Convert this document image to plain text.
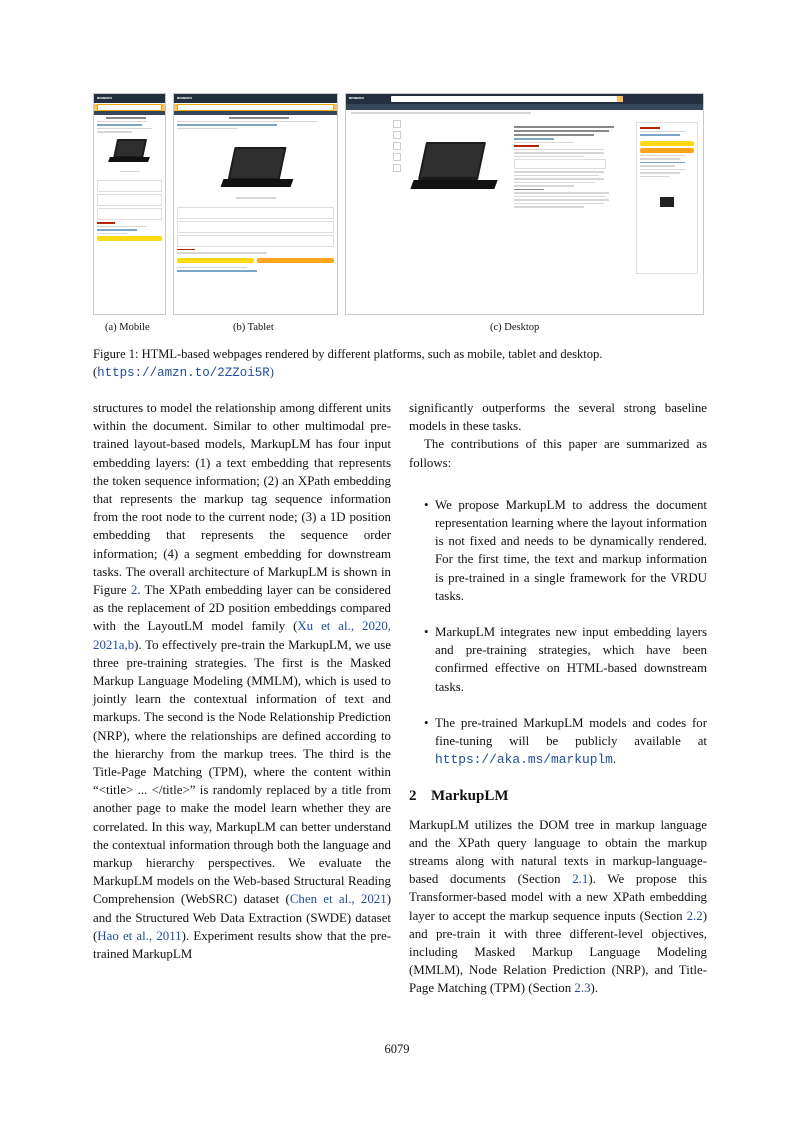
amazon	amazon	amazon
(a) Mobile	(b) Tablet	(c) Desktop
Figure 1: HTML-based webpages rendered by different platforms, such as mobile, tablet and desktop. (https://amzn.to/2ZZoi5R)

structures to model the relationship among different units within the document. Similar to other multimodal pre-trained layout-based models, MarkupLM has four input embedding layers: (1) a text embedding that represents the token sequence information; (2) an XPath embedding that represents the markup tag sequence information from the root node to the current node; (3) a 1D position embedding that represents the sequence order information; (4) a segment embedding for downstream tasks. The overall architecture of MarkupLM is shown in Figure 2. The XPath embedding layer can be considered as the replacement of 2D position embeddings compared with the LayoutLM model family (Xu et al., 2020, 2021a,b). To effectively pre-train the MarkupLM, we use three pre-training strategies. The first is the Masked Markup Language Modeling (MMLM), which is used to jointly learn the contextual information of text and markups. The second is the Node Relationship Prediction (NRP), where the relationships are defined according to the hierarchy from the markup trees. The third is the Title-Page Matching (TPM), where the content within “<title> ... </title>” is randomly replaced by a title from another page to make the model learn whether they are correlated. In this way, MarkupLM can better understand the contextual information through both the language and markup hierarchy perspectives. We evaluate the MarkupLM models on the Web-based Structural Reading Comprehension (WebSRC) dataset (Chen et al., 2021) and the Structured Web Data Extraction (SWDE) dataset (Hao et al., 2011). Experiment results show that the pre-trained MarkupLM

significantly outperforms the several strong baseline models in these tasks.

The contributions of this paper are summarized as follows:

• We propose MarkupLM to address the document representation learning where the layout information is not fixed and needs to be dynamically rendered. For the first time, the text and markup information is pre-trained in a single framework for the VRDU tasks.
• MarkupLM integrates new input embedding layers and pre-training strategies, which have been confirmed effective on HTML-based downstream tasks.
• The pre-trained MarkupLM models and codes for fine-tuning will be publicly available at https://aka.ms/markuplm.
2 MarkupLM

MarkupLM utilizes the DOM tree in markup language and the XPath query language to obtain the markup streams along with natural texts in markup-language-based documents (Section 2.1). We propose this Transformer-based model with a new XPath embedding layer to accept the markup sequence inputs (Section 2.2) and pre-train it with three different-level objectives, including Masked Markup Language Modeling (MMLM), Node Relation Prediction (NRP), and Title-Page Matching (TPM) (Section 2.3).

6079
